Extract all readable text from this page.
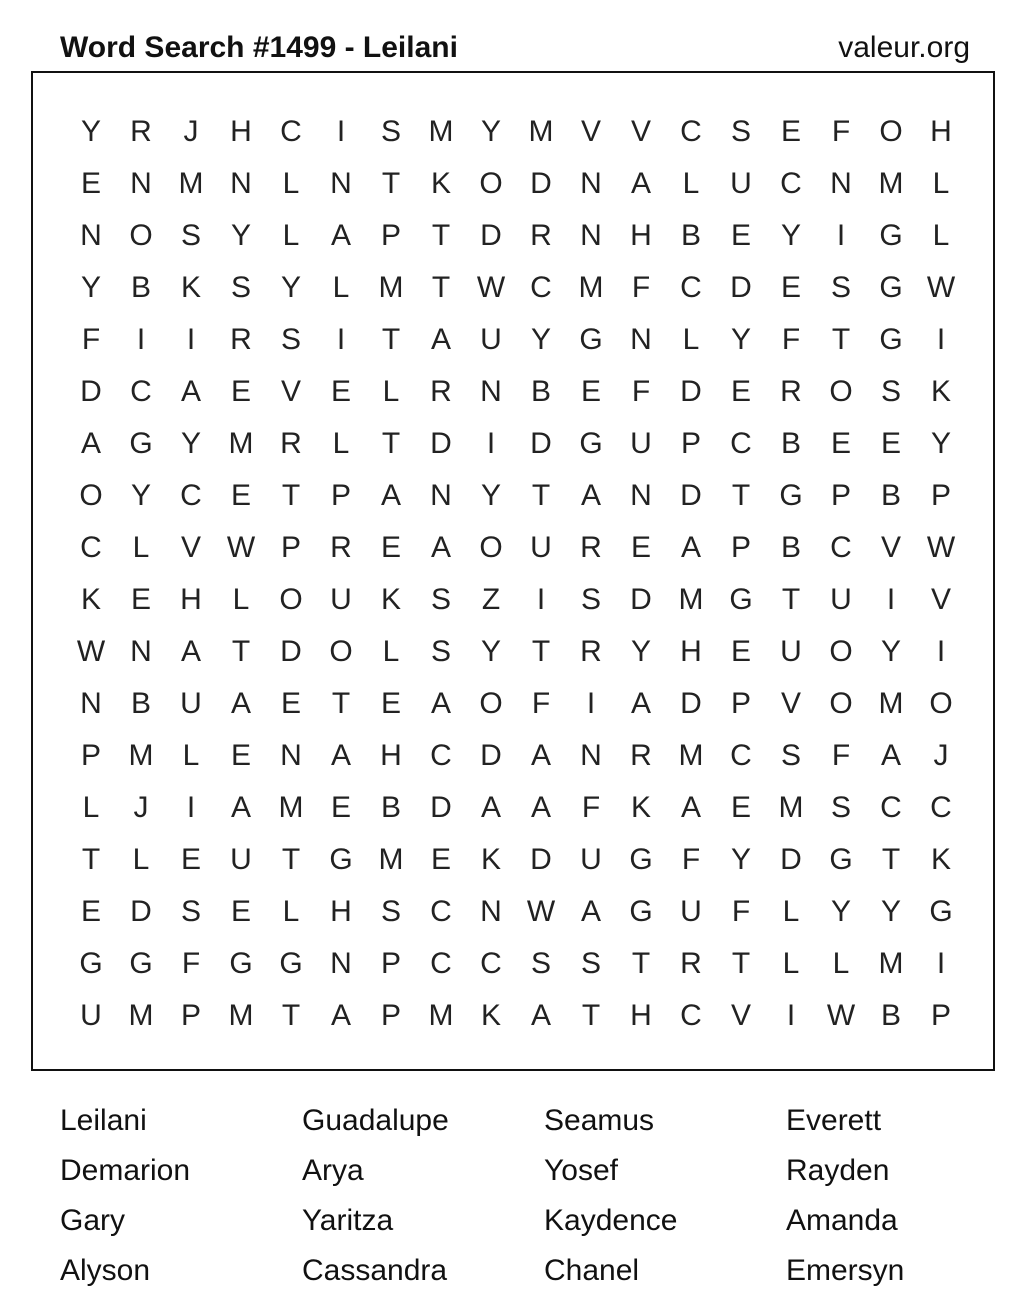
Word Search #1499 - Leilani	valeur.org
Y R	J	H C	I	S M Y M V V C S E	F O H
E N M N	L	N	T	K O D N A	L	U C N M L
N O S Y	L	A P	T	D R N H B E Y	I	G L
Y B K S Y	L M T W C M F	C D E S G W
F	I	I	R S	I	T	A U Y G N	L	Y	F	T G	I
D C A E V E	L	R N B E	F	D E R O S K
A G Y M R	L	T	D	I	D G U P C B E E Y
O Y C E	T	P A N Y	T	A N D	T G P B P
C	L	V W P R E A O U R E A P B C V W
K E H	L O U K S	Z	I	S D M G T	U	I	V
W N A	T	D O L	S Y	T	R Y H E U O Y	I
N B U A E	T	E A O F	I	A D P V O M O
P M L	E N A H C D A N R M C S	F	A	J
L	J	I	A M E B D A A	F	K A E M S C C
T	L	E U	T G M E K D U G F	Y D G T	K
E D S E	L	H S C N W A G U	F	L	Y Y G
G G F G G N P C C S S	T	R	T	L	L M	I
U M P M T	A P M K A	T	H C V	I	W B P
Leilani	Guadalupe	Seamus	Everett
Demarion	Arya	Yosef	Rayden
Gary	Yaritza	Kaydence	Amanda
Alyson	Cassandra	Chanel	Emersyn
